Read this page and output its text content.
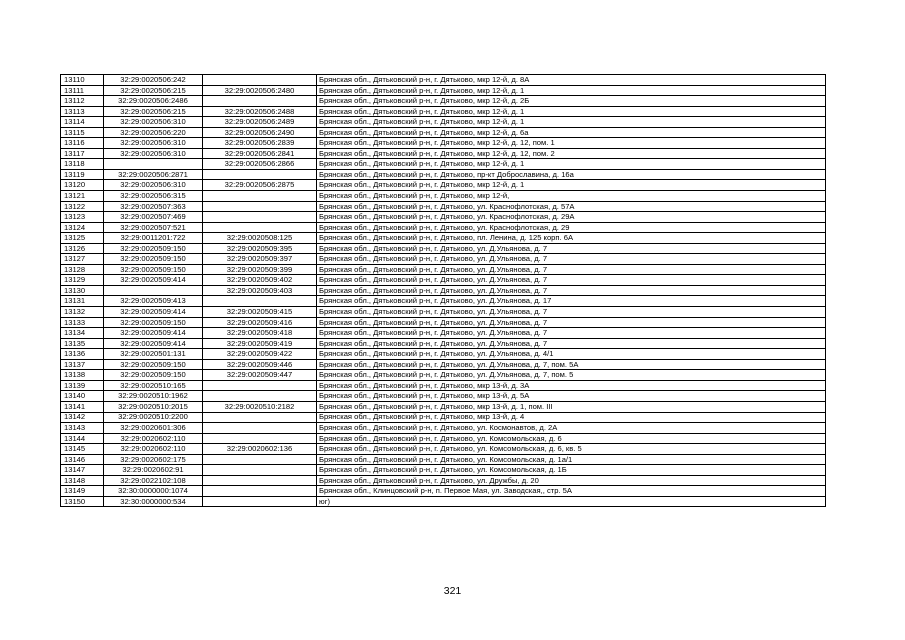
13110	32:29:0020506:242		Брянская обл., Дятьковский р-н, г. Дятьково, мкр 12-й, д. 8А
13111	32:29:0020506:215	32:29:0020506:2480	Брянская обл., Дятьковский р-н, г. Дятьково, мкр 12-й, д. 1
13112	32:29:0020506:2486		Брянская обл., Дятьковский р-н, г. Дятьково, мкр 12-й, д. 2Б
13113	32:29:0020506:215	32:29:0020506:2488	Брянская обл., Дятьковский р-н, г. Дятьково, мкр 12-й, д. 1
13114	32:29:0020506:310	32:29:0020506:2489	Брянская обл., Дятьковский р-н, г. Дятьково, мкр 12-й, д. 1
13115	32:29:0020506:220	32:29:0020506:2490	Брянская обл., Дятьковский р-н, г. Дятьково, мкр 12-й, д. 6а
13116	32:29:0020506:310	32:29:0020506:2839	Брянская обл., Дятьковский р-н, г. Дятьково, мкр 12-й, д. 12, пом. 1
13117	32:29:0020506:310	32:29:0020506:2841	Брянская обл., Дятьковский р-н, г. Дятьково, мкр 12-й, д. 12, пом. 2
13118		32:29:0020506:2866	Брянская обл., Дятьковский р-н, г. Дятьково, мкр 12-й, д. 1
13119	32:29:0020506:2871		Брянская обл., Дятьковский р-н, г. Дятьково, пр-кт Доброславина, д. 16а
13120	32:29:0020506:310	32:29:0020506:2875	Брянская обл., Дятьковский р-н, г. Дятьково, мкр 12-й, д. 1
13121	32:29:0020506:315		Брянская обл., Дятьковский р-н, г. Дятьково, мкр 12-й,
13122	32:29:0020507:363		Брянская обл., Дятьковский р-н, г. Дятьково, ул. Краснофлотская, д. 57А
13123	32:29:0020507:469		Брянская обл., Дятьковский р-н, г. Дятьково, ул. Краснофлотская, д. 29А
13124	32:29:0020507:521		Брянская обл., Дятьковский р-н, г. Дятьково, ул. Краснофлотская, д. 29
13125	32:29:0011201:722	32:29:0020508:125	Брянская обл., Дятьковский р-н, г. Дятьково, пл. Ленина, д. 125 корп. 6А
13126	32:29:0020509:150	32:29:0020509:395	Брянская обл., Дятьковский р-н, г. Дятьково, ул. Д.Ульянова, д. 7
13127	32:29:0020509:150	32:29:0020509:397	Брянская обл., Дятьковский р-н, г. Дятьково, ул. Д.Ульянова, д. 7
13128	32:29:0020509:150	32:29:0020509:399	Брянская обл., Дятьковский р-н, г. Дятьково, ул. Д.Ульянова, д. 7
13129	32:29:0020509:414	32:29:0020509:402	Брянская обл., Дятьковский р-н, г. Дятьково, ул. Д.Ульянова, д. 7
13130		32:29:0020509:403	Брянская обл., Дятьковский р-н, г. Дятьково, ул. Д.Ульянова, д. 7
13131	32:29:0020509:413		Брянская обл., Дятьковский р-н, г. Дятьково, ул. Д.Ульянова, д. 17
13132	32:29:0020509:414	32:29:0020509:415	Брянская обл., Дятьковский р-н, г. Дятьково, ул. Д.Ульянова, д. 7
13133	32:29:0020509:150	32:29:0020509:416	Брянская обл., Дятьковский р-н, г. Дятьково, ул. Д.Ульянова, д. 7
13134	32:29:0020509:414	32:29:0020509:418	Брянская обл., Дятьковский р-н, г. Дятьково, ул. Д.Ульянова, д. 7
13135	32:29:0020509:414	32:29:0020509:419	Брянская обл., Дятьковский р-н, г. Дятьково, ул. Д.Ульянова, д. 7
13136	32:29:0020501:131	32:29:0020509:422	Брянская обл., Дятьковский р-н, г. Дятьково, ул. Д.Ульянова, д. 4/1
13137	32:29:0020509:150	32:29:0020509:446	Брянская обл., Дятьковский р-н, г. Дятьково, ул. Д.Ульянова, д. 7, пом. 5А
13138	32:29:0020509:150	32:29:0020509:447	Брянская обл., Дятьковский р-н, г. Дятьково, ул. Д.Ульянова, д. 7, пом. 5
13139	32:29:0020510:165		Брянская обл., Дятьковский р-н, г. Дятьково, мкр 13-й, д. 3А
13140	32:29:0020510:1962		Брянская обл., Дятьковский р-н, г. Дятьково, мкр 13-й, д. 5А
13141	32:29:0020510:2015	32:29:0020510:2182	Брянская обл., Дятьковский р-н, г. Дятьково, мкр 13-й, д. 1, пом. III
13142	32:29:0020510:2200		Брянская обл., Дятьковский р-н, г. Дятьково, мкр 13-й, д. 4
13143	32:29:0020601:306		Брянская обл., Дятьковский р-н, г. Дятьково, ул. Космонавтов, д. 2А
13144	32:29:0020602:110		Брянская обл., Дятьковский р-н, г. Дятьково, ул. Комсомольская, д. 6
13145	32:29:0020602:110	32:29:0020602:136	Брянская обл., Дятьковский р-н, г. Дятьково, ул. Комсомольская, д. 6, кв. 5
13146	32:29:0020602:175		Брянская обл., Дятьковский р-н, г. Дятьково, ул. Комсомольская, д. 1а/1
13147	32:29:0020602:91		Брянская обл., Дятьковский р-н, г. Дятьково, ул. Комсомольская, д. 1Б
13148	32:29:0022102:108		Брянская обл., Дятьковский р-н, г. Дятьково, ул. Дружбы, д. 20
13149	32:30:0000000:1074		Брянская обл., Клинцовский р-н, п. Первое Мая, ул. Заводская,, стр. 5А
13150	32:30:0000000:534		юг)
321
